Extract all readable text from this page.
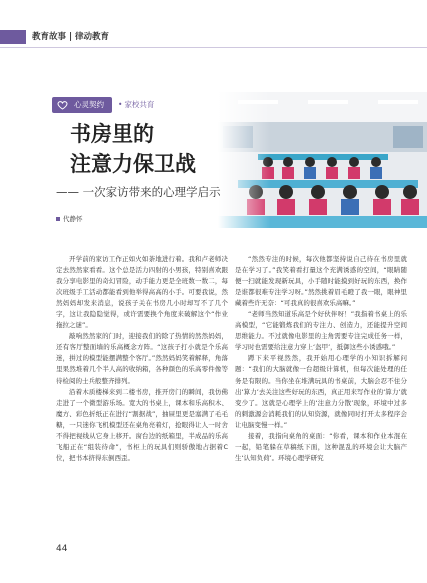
教育故事 | 律动教育
心灵契约	• 家校共育
书房里的
注意力保卫战
—— 一次家访带来的心理学启示
代静怀

开学前的家访工作正如火如荼地进行着。我和卢老师决定去然然家看看。这个总是活力四射的小男孩，特别喜欢跟我分享电影里的奇幻冒险，动手能力更是全班数一数二，每次班级手工活动都能看到他举得高高的小手。可要我说，然然妈妈却发来消息，说孩子关在书房几小时却写不了几个字，这让我隐隐觉得，或许需要换个角度来破解这个“作业拖拉之谜”。

敲响然然家的门时，迎接我们的除了热情的然然妈妈，还有客厅整面墙的乐高概念方阵。“这孩子打小就是个乐高迷，拼过的模型能摆满整个客厅。”然然妈妈笑着解释，角落里果然堆着几个半人高的收纳箱，各种颜色的乐高零件像等待检阅的士兵般整齐排列。

沿着木质楼梯来到二楼书房，推开房门的瞬间，我仿佛走进了一个微型游乐场。宽大的书桌上，课本和乐高积木、魔方、彩色折纸正在进行“割据战”，抽屉里更是塞满了毛毛糖，一只迷你飞机模型还在桌角亮着灯，抢眼得让人一时舍不得把视线从它身上移开。窗台边的纸箱里，半成品的乐高飞船正在“组装待命”，书柜上的玩具们则骄傲地占据着C位，把书本挤得东倒西歪。

“然然专注的时候，每次他都坚持说自己待在书房里就是在学习了。”我笑着看打量这个充满诱惑的空间，“眼睛随便一扫就能发现新玩具，小手随时能摸到好玩的东西，换作是谁都很难专注学习呀。”然然挑着眉毛瞪了我一眼，眼神里藏着些许无奈：“可我真的很喜欢乐高嘛。”

“老师当然知道乐高是个好伙伴呀！”我指着书桌上的乐高模型，“它能锻炼我们的专注力、创造力，还能提升空间思维能力。不过就像电影里的主角需要专注完成任务一样，学习时也需要给注意力穿上‘盔甲’，抵御这些小诱惑哦。”

蹲下来平视然然，我开始用心理学的小知识拆解问题：“我们的大脑就像一台超级计算机，但每次能处理的任务是有限的。当你坐在堆满玩具的书桌前，大脑会忍不住分出‘算力’去关注这些好玩的东西，真正用来写作业的‘算力’就变少了。这就是心理学上的‘注意力分散’现象，环境中过多的刺激源会消耗我们的认知资源，就像同时打开太多程序会让电脑变慢一样。”

接着，我指向桌角的桌面：“你看，课本和作业本混在一起，铅笔躲在草稿纸下面，这种混乱的环境会让大脑产生‘认知负荷’。环境心理学研究

44
